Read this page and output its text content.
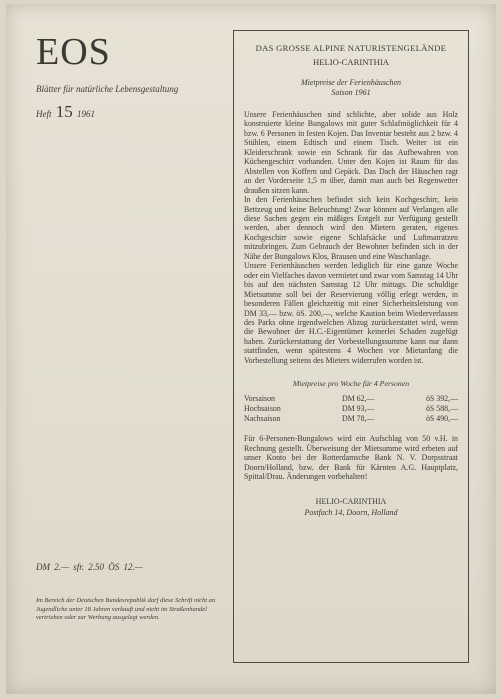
EOS
Blätter für natürliche Lebensgestaltung
Heft 15 1961
DM 2.— sfr. 2.50 ÖS 12.—
Im Bereich der Deutschen Bundesrepublik darf diese Schrift nicht an Jugendliche unter 18 Jahren verkauft und nicht im Straßenhandel vertrieben oder zur Werbung ausgelegt werden.
DAS GROSSE ALPINE NATURISTENGELÄNDE
HELIO-CARINTHIA
Mietpreise der Ferienhäuschen
Saison 1961

Unsere Ferienhäuschen sind schlichte, aber solide aus Holz konstruierte kleine Bungalows mit guter Schlafmöglichkeit für 4 bzw. 6 Personen in festen Kojen. Das Inventar besteht aus 2 bzw. 4 Stühlen, einem Edtisch und einem Tisch. Weiter ist ein Kleiderschrank sowie ein Schrank für das Aufbewahren von Küchengeschirr vorhanden. Unter den Kojen ist Raum für das Abstellen von Koffern und Gepäck. Das Dach der Häuschen ragt an der Vorderseite 1,5 m über, damit man auch bei Regenwetter draußen sitzen kann.

In den Ferienhäuschen befindet sich kein Kochgeschirr, kein Bettzeug und keine Beleuchtung! Zwar können auf Verlangen alle diese Sachen gegen ein mäßiges Entgelt zur Verfügung gestellt werden, aber dennoch wird den Mietern geraten, eigenes Kochgeschirr sowie eigene Schlafsäcke und Luftmatratzen mitzubringen. Zum Gebrauch der Bewohner befinden sich in der Nähe der Bungalows Klos, Brausen und eine Waschanlage.

Unsere Ferienhäuschen werden lediglich für eine ganze Woche oder ein Vielfaches davon vermietet und zwar vom Samstag 14 Uhr bis auf den nächsten Samstag 12 Uhr mittags. Die schuldige Mietsumme soll bei der Reservierung völlig erlegt werden, in besonderen Fällen gleichzeitig mit einer Sicherheitsleistung von DM 33,— bzw. öS. 200,—, welche Kaution beim Wiederverlassen des Parks ohne irgendwelchen Abzug zurückerstattet wird, wenn die Bewohner der H.C.-Eigentümer keinerlei Schaden zugefügt haben. Zurückerstattung der Vorbestellungssumme kann nur dann stattfinden, wenn spätestens 4 Wochen vor Mietanfang die Vorbestellung seitens des Mieters widerrufen worden ist.

Mietpreise pro Woche für 4 Personen
Vorsaison	DM 62,—	öS 392,—
Hochsaison	DM 93,—	öS 588,—
Nachsaison	DM 78,—	öS 490,—

Für 6-Personen-Bungalows wird ein Aufschlag von 50 v.H. in Rechnung gestellt. Überweisung der Mietsumme wird erbeten auf unser Konto bei der Rotterdamsche Bank N. V. Dorpsstraat Doorn/Holland, bzw. der Bank für Kärnten A.G. Hauptplatz, Spittal/Drau. Änderungen vorbehalten!

HELIO-CARINTHIA
Postfach 14, Doorn, Holland
